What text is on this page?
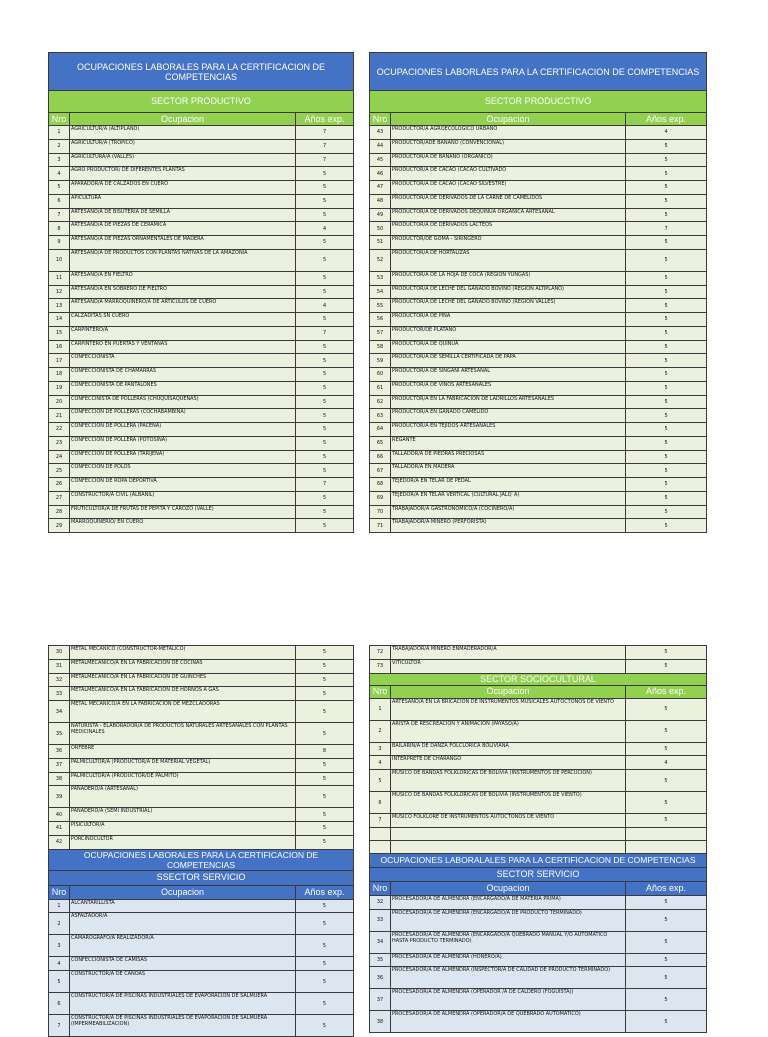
OCUPACIONES LABORALES PARA LA CERTIFICACION DE COMPETENCIAS		
SECTOR PRODUCTIVO		
Nro	Ocupacion	Años exp.
1	AGRICULTUR/A (ALTIPLANO)	7
2	AGRICULTUR/A (TROPICO)	7
3	AGRICULTURA/A (VALLES)	7
4	AGRO PRODUCTOR/ DE DIFERENTES PLANTAS	5
5	APARADOR/A DE CALZADOS EN CUERO	5
6	APICULTURA	5
7	ARTESANO/A DE BISUTERIA DE SEMILLA	5
8	ARTESANO/A DE PIEZAS DE CERAMICA	4
9	ARTESANO/A DE PIEZAS ORNAMENTALES DE MADERA	5
10	ARTESANO/A DE PRODUCTOS CON PLANTAS NATIVAS DE LA AMAZONIA	5
11	ARTESANO/A EN FIELTRO	5
12	ARTESANO/A EN SOBRERO DE FIELTRO	5
13	ARTESANO/A MARROQUINERO/A DE ARTICULOS DE CUERO	4
14	CALZADITAS SN CUERO	5
15	CARPINTERO/A	7
16	CARPINTERO EN PUERTAS Y VENTANAS	5
17	CONFECCIONISTA	5
18	CONFECCIONISTA DE CHAMARRAS	5
19	CONFECCIONISTA DE PANTALONES	5
20	CONFECCINISTA DE POLLERAS (CHUQUISAQUEÑAS)	5
21	CONFECCION DE POLLERAS (COCHABAMBINA)	5
22	CONFECCION DE POLLERA (PACEÑA)	5
23	CONFECCION DE POLLERA (POTOSINA)	5
24	CONFECCION DE POLLERA (TARIJEÑA)	5
25	CONFECCION DE POLOS	5
26	CONFECCION DE ROPA DEPORTIVA	7
27	CONSTRUCTOR/A CIVIL (ALBAÑIL)	5
28	FRUTICULTOR/A DE FRUTAS DE PEPITA Y CAROZO (VALLE)	5
29	MARROQUINERIO/ EN CUERO	5
OCUPACIONES LABORLAES PARA LA CERTIFICACION DE COMPETENCIAS		
SECTOR PRODUCCTIVO		
Nro	Ocupacion	Años exp.
43	PRODUCTOR/A AGROECOLOGICO URBANO	4
44	PRODUCTOR/ADE BANANO (CONVENCIONAL)	5
45	PRODUCTOR/A DE BANANO (ORGANICO)	5
46	PRODUCTOR/A DE CACAO (CACAO CULTIVADO	5
47	PRODUCTOR/A DE CACAO (CACAO SILVESTRE)	5
48	PRODUCTOR/A DE DERIVADOS DE LA CARNE DE CAMELIDOS	5
49	PRODUCTOR/A DE DERIVADOS DEQUINUA ORGANICA ARTESANAL	5
50	PRODUCTOR/A DE DERIVADOS LACTEOS	7
51	PRODUCTOR/DE GOMA - SIRINGERO	5
52	PRODUCTOR/A DE HORTALIZAS	5
53	PRODUCTOR/A DE LA HOJA DE COCA (REGION YUNGAS)	5
54	PRODUCTOR/A DE LECHE DEL GANADO BOVINO (REGION ALTIPLANO)	5
55	PRODUCTOR/A DE LECHE DEL GANADO BOVINO (REGION VALLES)	5
56	PRODUCTOR/A DE PIÑA	5
57	PRODUCTOR/DE PLATANO	5
58	PRODUCTOR/A DE QUINUA	5
59	PRODUCTOR/A DE SEMILLA CERTIFICADA DE PAPA	5
60	PRODUCTOR/A DE SINGANI ARTESANAL	5
61	PRODUCTOR/A DE VINOS ARTESANALES	5
62	PRODUCTOR/A EN LA FABRICACION DE LADRILLOS ARTESANALES	5
63	PRODUCTOR/A EN GANADO CAMELIDO	5
64	PRODUCTOR/A EN TEJIDOS ARTESANALES	5
65	REGANTE	5
66	TALLADOR/A DE PIEDRAS PRECIOSAS	5
67	TALLADOR/A EN MADERA	5
68	TEJEDOR/A EN TELAR DE PEDAL	5
69	TEJEDOR/A EN TELAR VERTICAL (CULTURAL JALQ´A)	5
70	TRABAJADOR/A GASTRONOMICO/A (COCINERO/A)	5
71	TRABAJADOR/A MINERO (PERFORISTA)	5
30	METAL MECANICO (CONSTRUCTOR-METALICO)	5
31	METALMECANICO/A EN LA FABRICACION DE COCINAS	5
32	METALMECANICO/A EN LA FABRICACION DE GUINCHES	5
33	METALMECANICO/A EN LA FABRICACION DE HORNOS A GAS	5
34	METAL MECANICO/A EN LA FABRICACION DE MEZCLADORAS	5
35	NATURISTA - ELABORADOR/A DE PRODUCTOS NATURALES ARTESANALES CON PLANTAS MEDICINALES	5
36	ORFEBRE	8
37	PALMICULTOR/A (PRODUCTOR/A DE MATERIAL VEGETAL)	5
38	PALMICULTOR/A (PRODUCTOR/DE PALMITO)	5
39	PANADERO/A (ARTESANAL)	5
40	PANADERO/A (SEMI INDUSTRIAL)	5
41	PISICULTOR/A	5
42	PORCINOCULTOR	5
OCUPACIONES LABORALES PARA LA CERTIFICACION DE COMPETENCIAS		
SSECTOR SERVICIO		
Nro	Ocupacion	Años exp.
1	ALCANTARILLISTA	5
2	ASFALTADOR/A	5
3	CAMAROGRAFO/A REALIZADOR/A	5
4	CONFECCIONISTA DE CAMISAS	5
5	CONSTRUCTOR/A DE CANOAS	5
6	CONSTRUCTOR/A DE PISCINAS INDUSTRIALES DE EVAPORACION DE SALMUERA	5
7	CONSTRUCTOR/A DE PISCINAS INDUSTRIALES DE EVAPORACION DE SALMUERA (IMPERMEABILIZACION)	5
72	TRABAJADOR/A MINERO ENMADERADOR/A	5
73	VITICULTOR	5
SECTOR SOCIOCULTURAL		
Nro	Ocupacion	Años exp.
1	ARTESANO/A EN LA BRICACION DE INSTRUMENTOS MUSICALES AUTOCTONOS DE VIENTO	5
2	ARISTA DE RESCREACION Y ANIMACION (PAYASO/A)	5
3	BAILARIN/A DE DANZA FOLCLORICA BOLIVIANA	5
4	INTERPRETE DE CHARANGO	4
5	MUSICO DE BANDAS FOLKLORICAS DE BOLIVIA (INSTRUMENTOS DE PERCUCION)	5
6	MUSICO DE BANDAS FOLKLORICAS DE BOLIVIA (INSTRUMENTOS DE VIENTO)	5
7	MUSICO FOLKLORE DE INSTRUMENTOS AUTOCTONOS DE VIENTO	5

OCUPACIONES LABORALALES PARA LA CERTIFICACION DE COMPETENCIAS		
SECTOR SERVICIO		
Nro	Ocupacion	Años exp.
32	PROCESADOR/A DE ALMENDRA (ENCARGADO/A DE MATERIA PRIMA)	5
33	PROCESADOR/A DE ALMENDRA (ENCARGADO/A DE PRODUCTO TERMINADO)	5
34	PROCESADOR/A DE ALMENDRA (ENCARGADO/A QUEBRADO MANUAL Y/O AUTOMATICO HASTA PRODUCTO TERMINADO)	5
35	PROCESADOR/A DE ALMENDRA (HONERO/A)	5
36	PROCESADOR/A DE ALMENDRA (INSPECTOR/A DE CALIDAD DE PRODUCTO TERMINADO)	5
37	PROCESADOR/A DE ALMENDRA (OPERADOR /A DE CALDERO (FOGUISTA))	5
38	PROCESADOR/A DE ALMENDRA (OPERADOR/A DE QUEBRADO AUTOMATICO)	5
